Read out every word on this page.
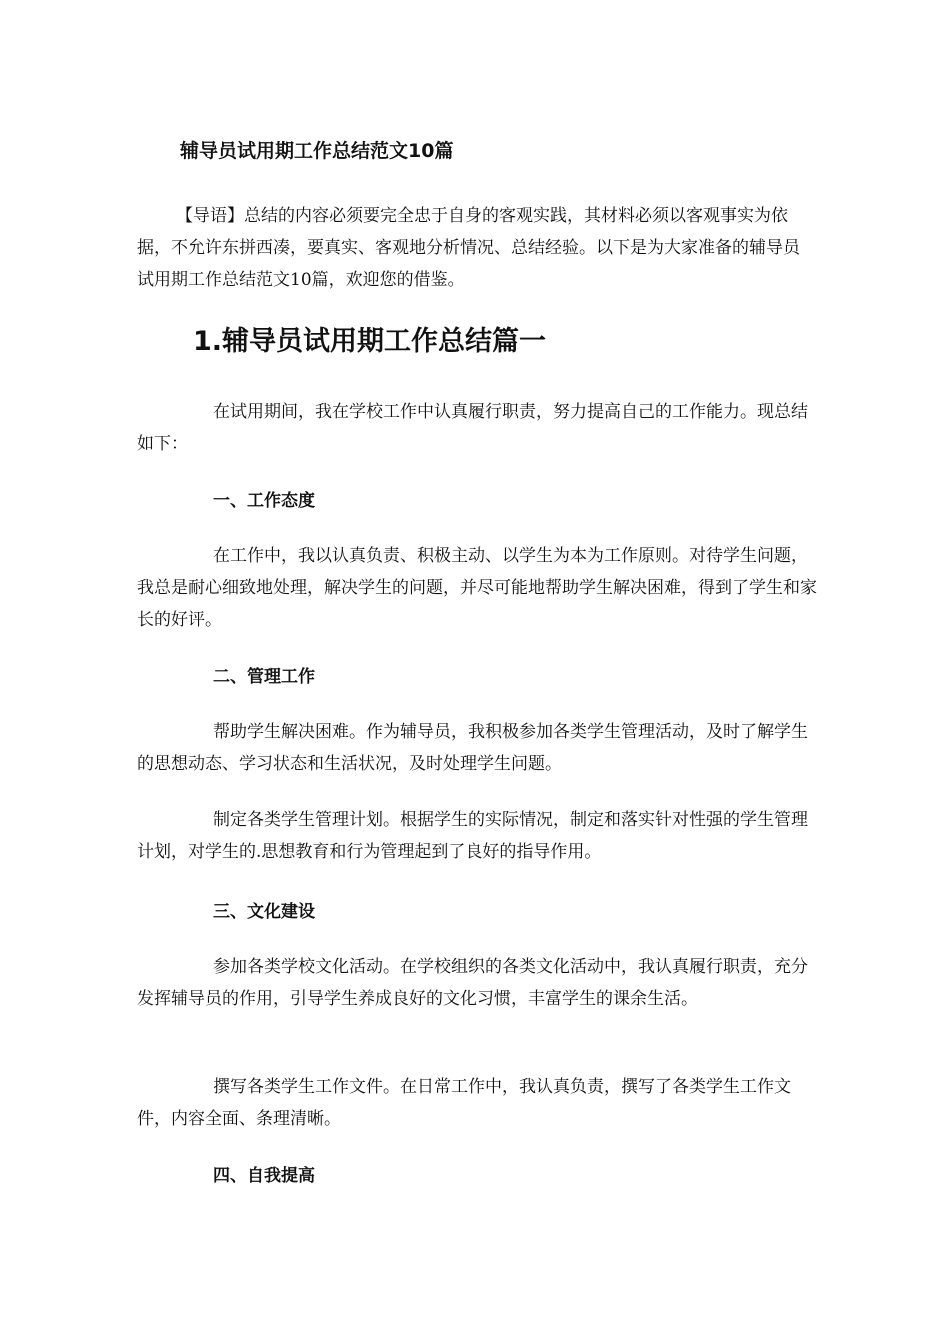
辅导员试用期工作总结范文10篇

【导语】总结的内容必须要完全忠于自身的客观实践，其材料必须以客观事实为依据，不允许东拼西凑，要真实、客观地分析情况、总结经验。以下是为大家准备的辅导员试用期工作总结范文10篇，欢迎您的借鉴。

1.辅导员试用期工作总结篇一

在试用期间，我在学校工作中认真履行职责，努力提高自己的工作能力。现总结如下：

一、工作态度

在工作中，我以认真负责、积极主动、以学生为本为工作原则。对待学生问题，我总是耐心细致地处理，解决学生的问题，并尽可能地帮助学生解决困难，得到了学生和家长的好评。

二、管理工作

帮助学生解决困难。作为辅导员，我积极参加各类学生管理活动，及时了解学生的思想动态、学习状态和生活状况，及时处理学生问题。

制定各类学生管理计划。根据学生的实际情况，制定和落实针对性强的学生管理计划，对学生的.思想教育和行为管理起到了良好的指导作用。

三、文化建设

参加各类学校文化活动。在学校组织的各类文化活动中，我认真履行职责，充分发挥辅导员的作用，引导学生养成良好的文化习惯，丰富学生的课余生活。

撰写各类学生工作文件。在日常工作中，我认真负责，撰写了各类学生工作文件，内容全面、条理清晰。

四、自我提高
